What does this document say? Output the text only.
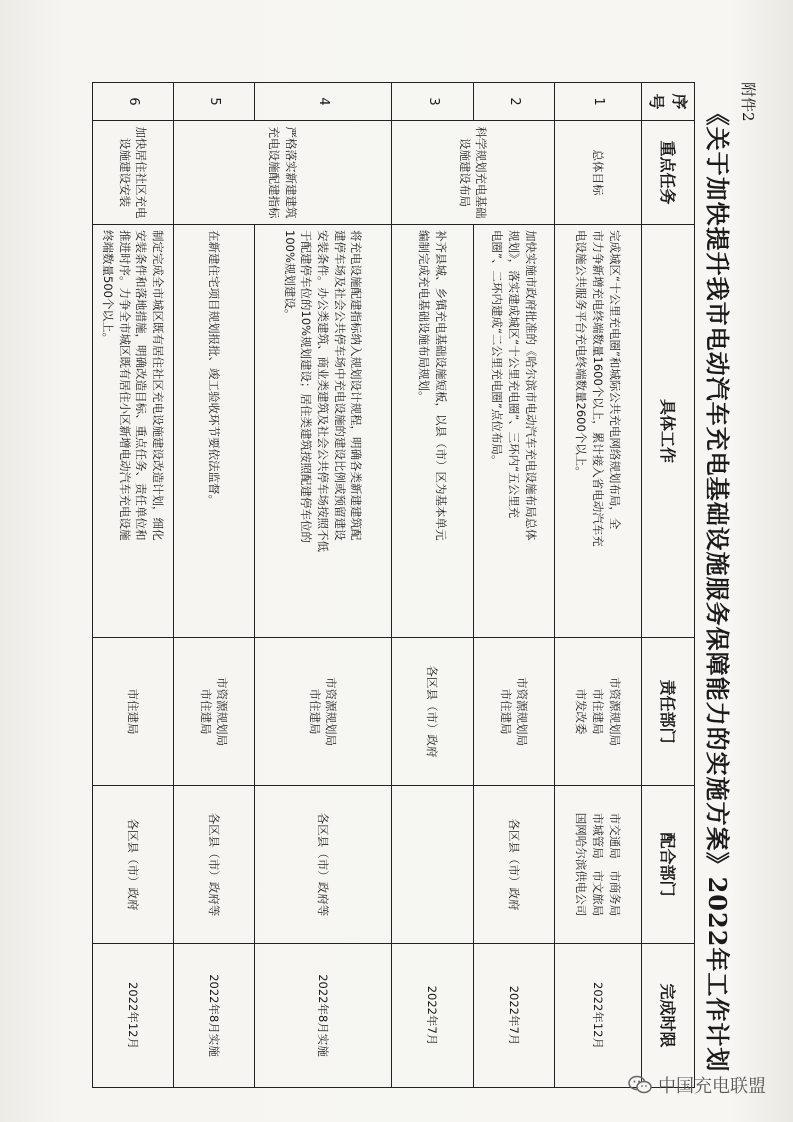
附件2
《关于加快提升我市电动汽车充电基础设施服务保障能力的实施方案》2022年工作计划
序号	重点任务	具体工作	责任部门	配合部门	完成时限
1	总体目标	完成城区“十公里充电圈”和城际公共充电网络规划布局，全
市力争新增充电终端数量1600个以上，累计接入省电动汽车充
电设施公共服务平台充电终端数量2600个以上。	市资源规划局
市住建局
市发改委	市交通局　市商务局
市城管局　市文旅局
国网哈尔滨供电公司	2022年12月
2	科学规划充电基础设施建设布局	加快实施市政府批准的《哈尔滨市电动汽车充电设施布局总体
规划》，落实建成城区“十公里充电圈”、三环内“五公里充
电圈”、二环内建成“二公里充电圈”点位布局。	市资源规划局
市住建局	各区县（市）政府	2022年7月
3		补齐县城、乡镇充电基础设施短板，以县（市）区为基本单元
编制完成充电基础设施布局规划。	各区县（市）政府		2022年7月
4	严格落实新建建筑充电设施配建指标	将充电设施配建指标纳入规划设计规程，明确各类新建建筑配
建停车场及社会公共停车场中充电设施的建设比例或预留建设
安装条件。办公类建筑、商业类建筑及社会公共停车场按照不低
于配建停车位的10%规划建设；居住类建筑按照配建停车位的
100%规划建设。	市资源规划局
市住建局	各区县（市）政府等	2022年8月实施
5		在新建住宅项目规划报批、竣工验收环节要依法监督。	市资源规划局
市住建局	各区县（市）政府等	2022年8月实施
6	加快居住社区充电设施建设安装	制定完成全市城区既有居住社区充电设施建设改造计划，细化
安装条件和落地措施，明确改造目标、重点任务、责任单位和
推进时序。力争全市城区既有居住小区新增电动汽车充电设施
终端数量500个以上。	市住建局	各区县（市）政府	2022年12月
中国充电联盟
